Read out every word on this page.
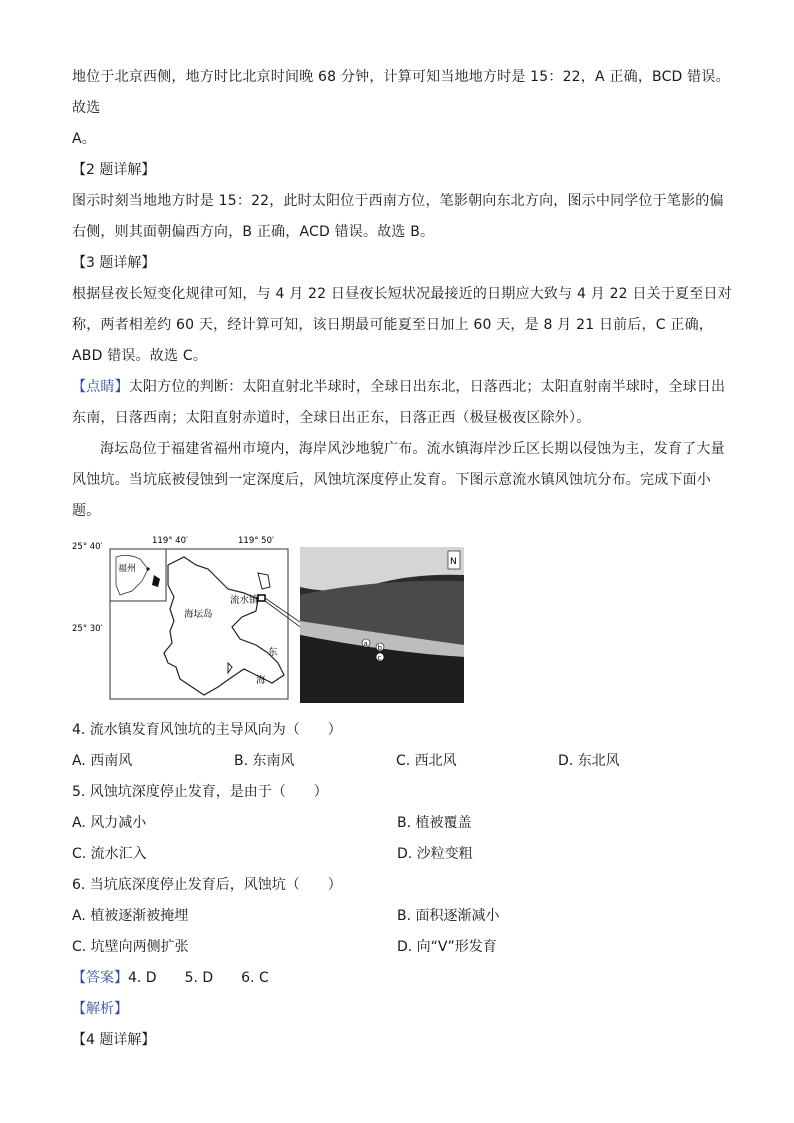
地位于北京西侧，地方时比北京时间晚 68 分钟，计算可知当地地方时是 15：22，A 正确，BCD 错误。故选
A。

【2 题详解】

图示时刻当地地方时是 15：22，此时太阳位于西南方位，笔影朝向东北方向，图示中同学位于笔影的偏右侧，则其面朝偏西方向，B 正确，ACD 错误。故选 B。

【3 题详解】

根据昼夜长短变化规律可知，与 4 月 22 日昼夜长短状况最接近的日期应大致与 4 月 22 日关于夏至日对称，两者相差约 60 天，经计算可知，该日期最可能夏至日加上 60 天，是 8 月 21 日前后，C 正确，ABD 错误。故选 C。

【点睛】太阳方位的判断：太阳直射北半球时，全球日出东北，日落西北；太阳直射南半球时，全球日出东南，日落西南；太阳直射赤道时，全球日出正东，日落正西（极昼极夜区除外）。

海坛岛位于福建省福州市境内，海岸风沙地貌广布。流水镇海岸沙丘区长期以侵蚀为主，发育了大量风蚀坑。当坑底被侵蚀到一定深度后，风蚀坑深度停止发育。下图示意流水镇风蚀坑分布。完成下面小题。

25° 40′
25° 30′
119° 40′	119° 50′
福州
海坛岛
流水镇
东
海
N
a b
c

4. 流水镇发育风蚀坑的主导风向为（　　）

A. 西南风	B. 东南风	C. 西北风	D. 东北风

5. 风蚀坑深度停止发育，是由于（　　）

A. 风力减小	B. 植被覆盖
C. 流水汇入	D. 沙粒变粗

6. 当坑底深度停止发育后，风蚀坑（　　）

A. 植被逐渐被掩埋	B. 面积逐渐减小
C. 坑壁向两侧扩张	D. 向“V”形发育

【答案】4. D　　5. D　　6. C

【解析】

【4 题详解】
